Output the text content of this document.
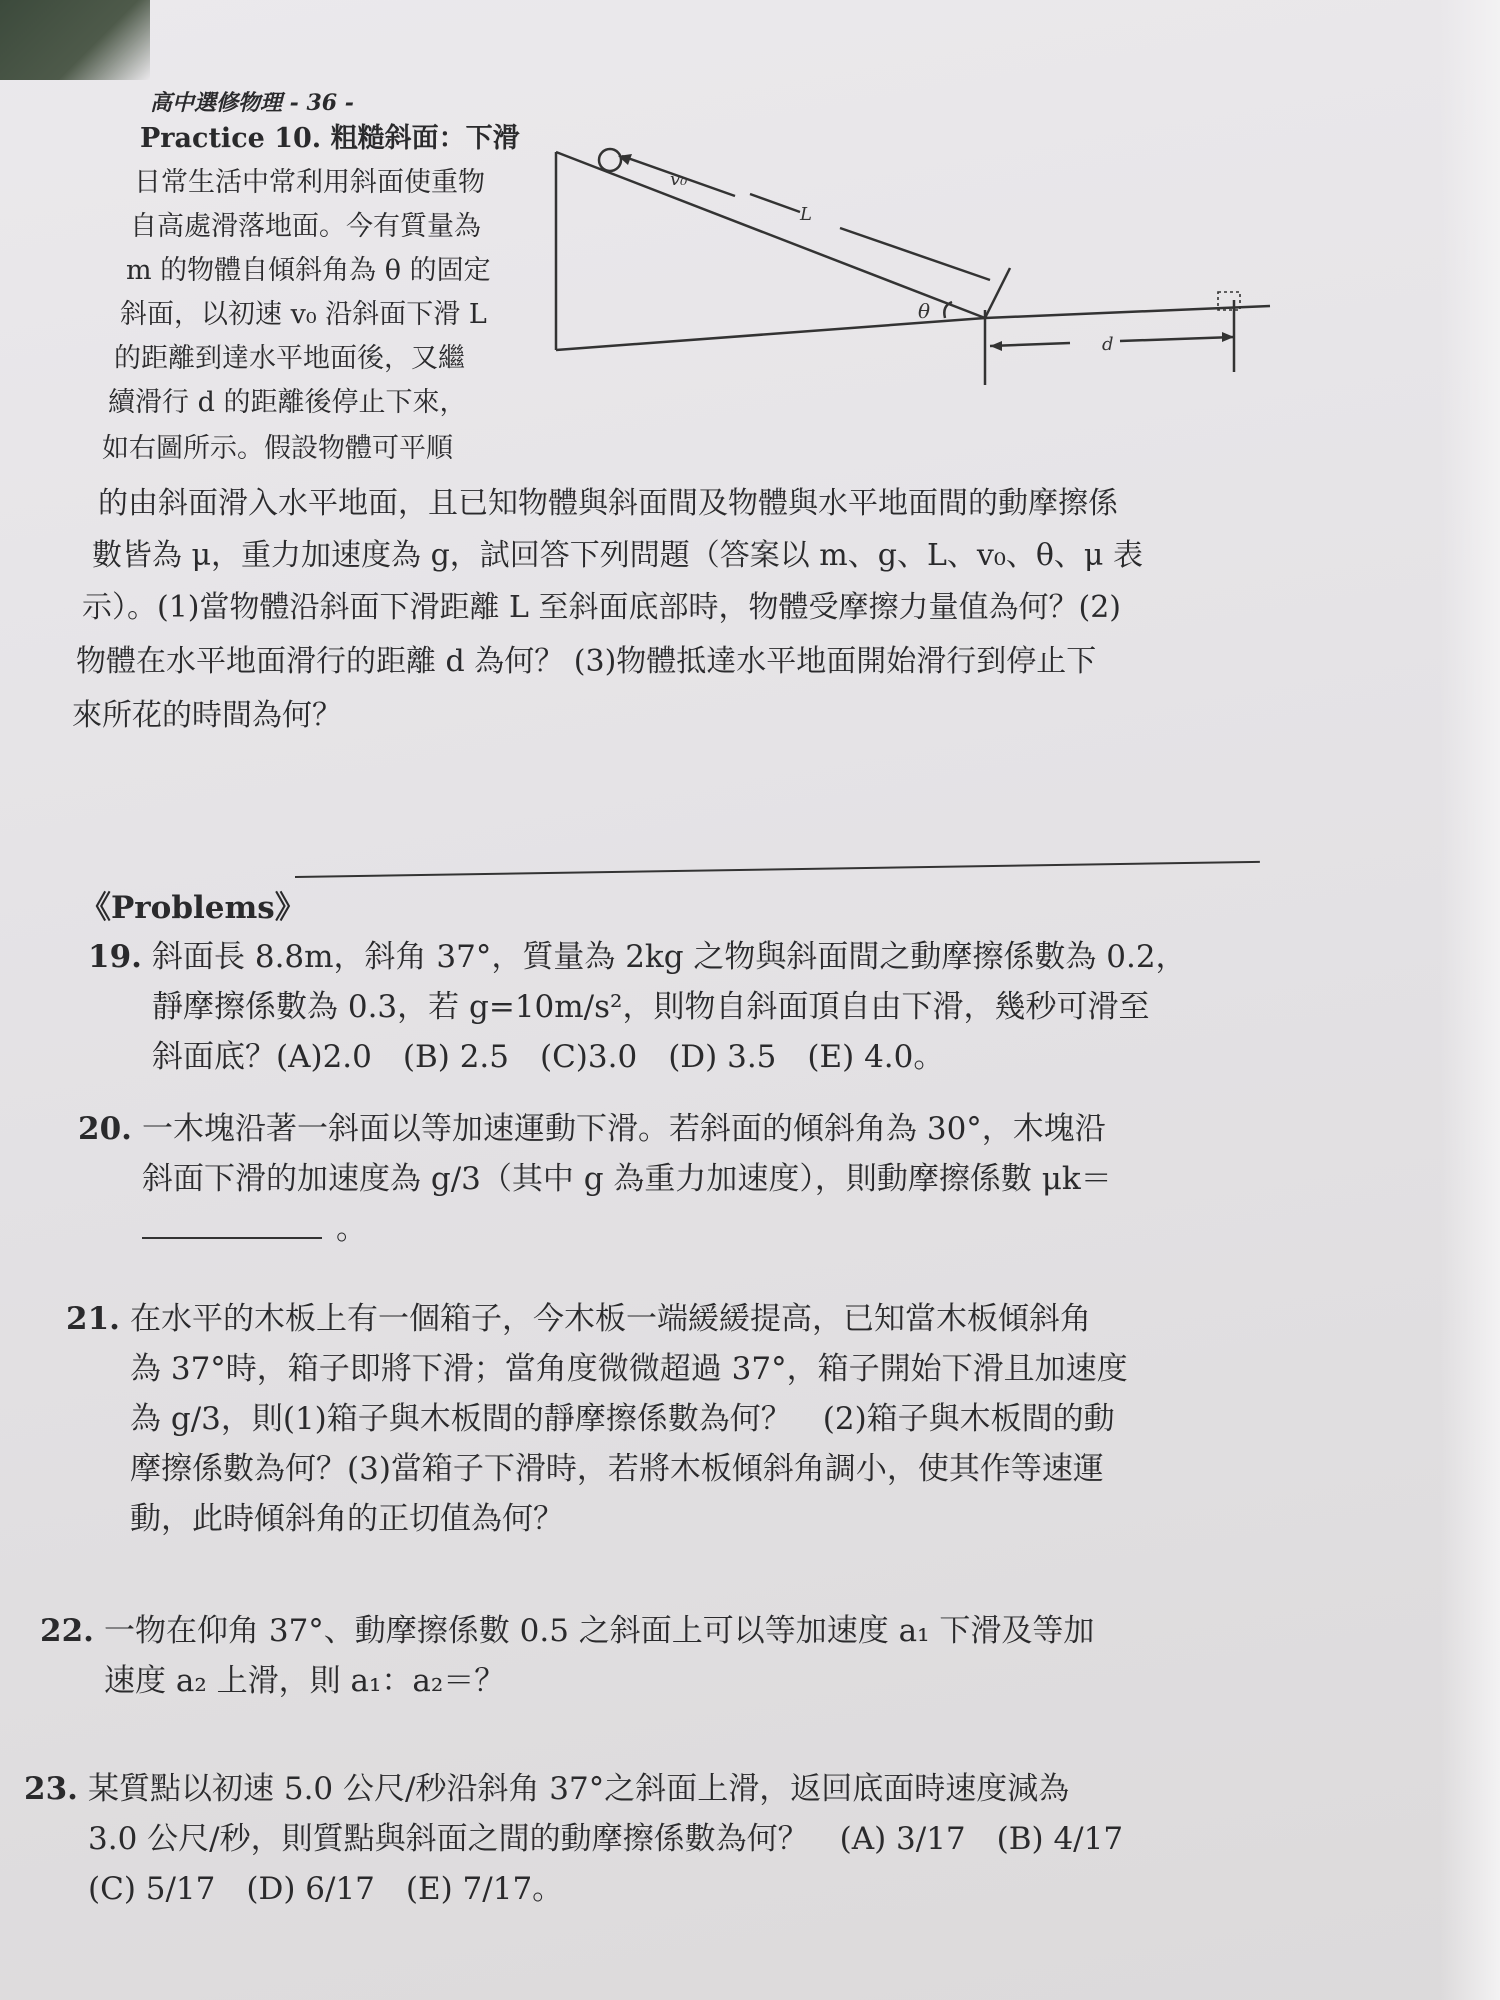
高中選修物理 - 36 -
Practice 10. 粗糙斜面：下滑
日常生活中常利用斜面使重物
自高處滑落地面。今有質量為
m 的物體自傾斜角為 θ 的固定
斜面，以初速 v₀ 沿斜面下滑 L
的距離到達水平地面後，又繼
續滑行 d 的距離後停止下來，
如右圖所示。假設物體可平順
v₀
L
θ
d
的由斜面滑入水平地面，且已知物體與斜面間及物體與水平地面間的動摩擦係
數皆為 μ，重力加速度為 g，試回答下列問題（答案以 m、g、L、v₀、θ、μ 表
示）。(1)當物體沿斜面下滑距離 L 至斜面底部時，物體受摩擦力量值為何？(2)
物體在水平地面滑行的距離 d 為何？ (3)物體抵達水平地面開始滑行到停止下
來所花的時間為何？
《Problems》
19. 斜面長 8.8m，斜角 37°，質量為 2kg 之物與斜面間之動摩擦係數為 0.2，
靜摩擦係數為 0.3，若 g=10m/s²，則物自斜面頂自由下滑，幾秒可滑至
斜面底？(A)2.0　(B) 2.5　(C)3.0　(D) 3.5　(E) 4.0。
20. 一木塊沿著一斜面以等加速運動下滑。若斜面的傾斜角為 30°，木塊沿
斜面下滑的加速度為 g/3（其中 g 為重力加速度），則動摩擦係數 μk＝
。
21. 在水平的木板上有一個箱子，今木板一端緩緩提高，已知當木板傾斜角
為 37°時，箱子即將下滑；當角度微微超過 37°，箱子開始下滑且加速度
為 g/3，則(1)箱子與木板間的靜摩擦係數為何？　(2)箱子與木板間的動
摩擦係數為何？(3)當箱子下滑時，若將木板傾斜角調小，使其作等速運
動，此時傾斜角的正切值為何？
22. 一物在仰角 37°、動摩擦係數 0.5 之斜面上可以等加速度 a₁ 下滑及等加
速度 a₂ 上滑，則 a₁：a₂＝？
23. 某質點以初速 5.0 公尺/秒沿斜角 37°之斜面上滑，返回底面時速度減為
3.0 公尺/秒，則質點與斜面之間的動摩擦係數為何？　(A) 3/17　(B) 4/17
(C) 5/17　(D) 6/17　(E) 7/17。
